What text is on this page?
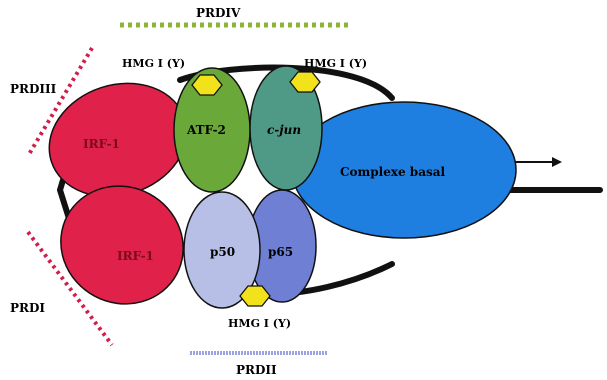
PRDIV
PRDIII
PRDI
PRDII
HMG I (Y)	HMG I (Y)
HMG I (Y)
IRF-1
IRF-1
ATF-2	c-jun
p50	p65
Complexe basal
